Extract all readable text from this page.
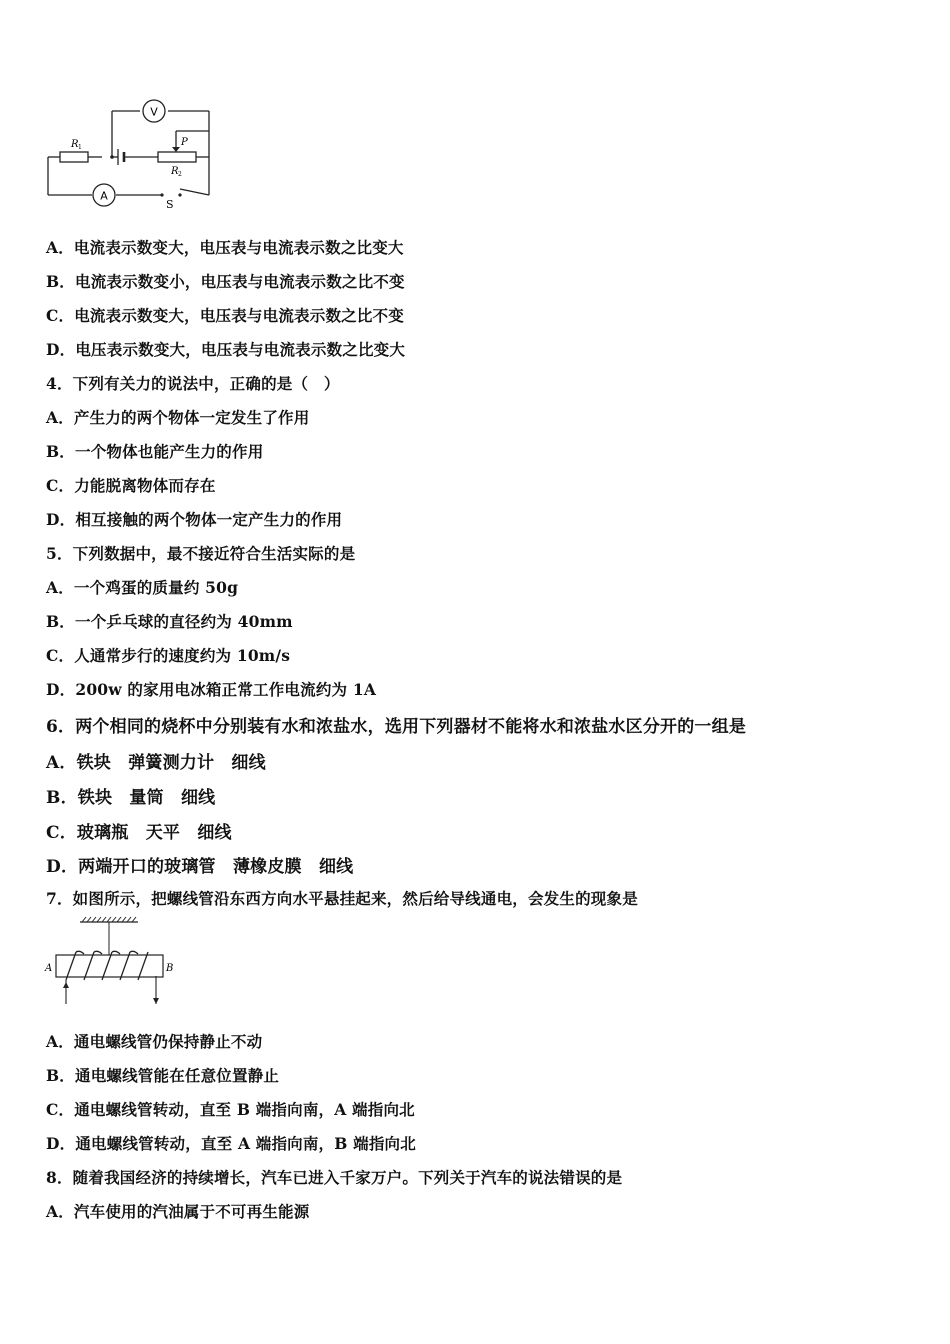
V
A
R 1
R 2
P
S
A．电流表示数变大，电压表与电流表示数之比变大
B．电流表示数变小，电压表与电流表示数之比不变
C．电流表示数变大，电压表与电流表示数之比不变
D．电压表示数变大，电压表与电流表示数之比变大
4．下列有关力的说法中，正确的是（　）
A．产生力的两个物体一定发生了作用
B．一个物体也能产生力的作用
C．力能脱离物体而存在
D．相互接触的两个物体一定产生力的作用
5．下列数据中，最不接近符合生活实际的是
A．一个鸡蛋的质量约 50g
B．一个乒乓球的直径约为 40mm
C．人通常步行的速度约为 10m/s
D．200w 的家用电冰箱正常工作电流约为 1A
6．两个相同的烧杯中分别装有水和浓盐水，选用下列器材不能将水和浓盐水区分开的一组是
A．铁块　弹簧测力计　细线
B．铁块　量筒　细线
C．玻璃瓶　天平　细线
D．两端开口的玻璃管　薄橡皮膜　细线
7．如图所示，把螺线管沿东西方向水平悬挂起来，然后给导线通电，会发生的现象是
A	B
A．通电螺线管仍保持静止不动
B．通电螺线管能在任意位置静止
C．通电螺线管转动，直至 B 端指向南，A 端指向北
D．通电螺线管转动，直至 A 端指向南，B 端指向北
8．随着我国经济的持续增长，汽车已进入千家万户。下列关于汽车的说法错误的是
A．汽车使用的汽油属于不可再生能源
